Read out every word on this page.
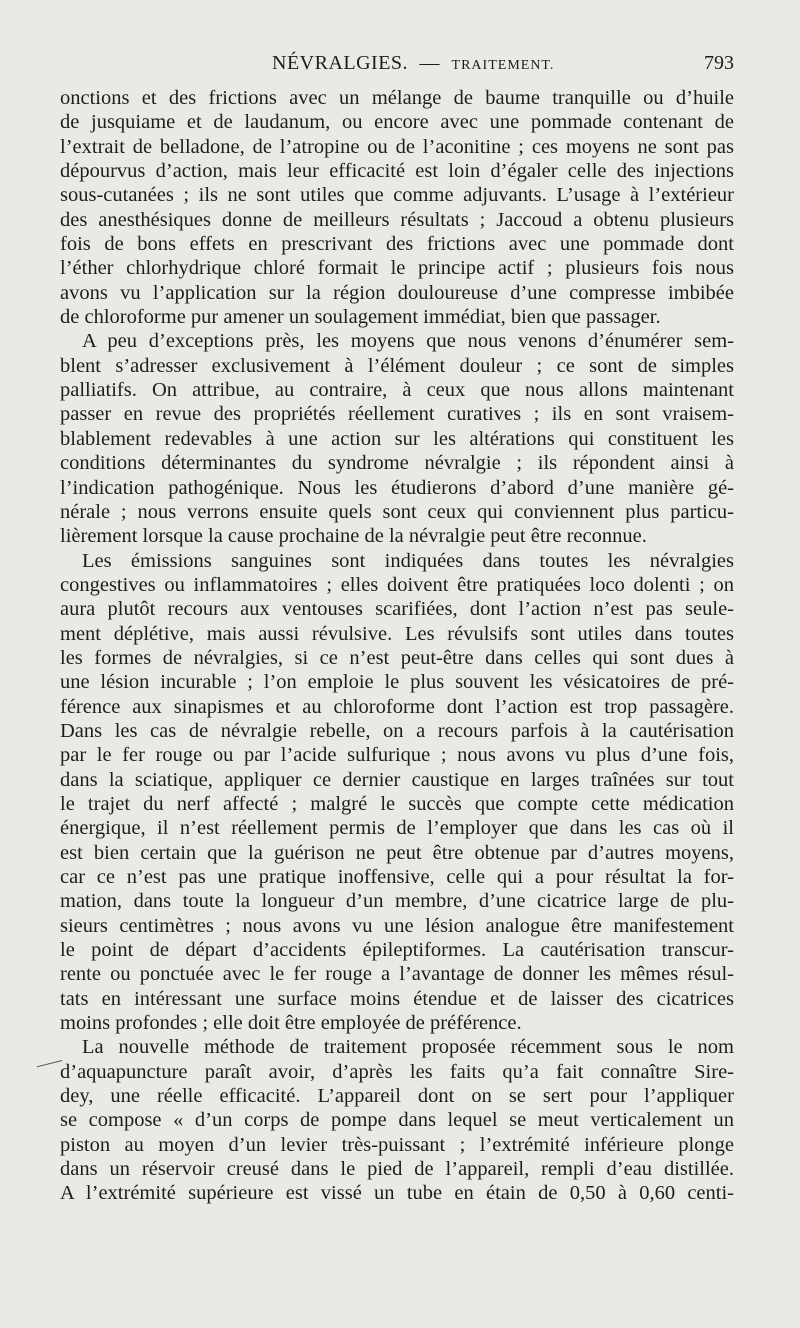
NÉVRALGIES. — TRAITEMENT.	793
onctions et des frictions avec un mélange de baume tranquille ou d’huile
de jusquiame et de laudanum, ou encore avec une pommade contenant de
l’extrait de belladone, de l’atropine ou de l’aconitine ; ces moyens ne sont pas
dépourvus d’action, mais leur efficacité est loin d’égaler celle des injections
sous-cutanées ; ils ne sont utiles que comme adjuvants. L’usage à l’extérieur
des anesthésiques donne de meilleurs résultats ; Jaccoud a obtenu plusieurs
fois de bons effets en prescrivant des frictions avec une pommade dont
l’éther chlorhydrique chloré formait le principe actif ; plusieurs fois nous
avons vu l’application sur la région douloureuse d’une compresse imbibée
de chloroforme pur amener un soulagement immédiat, bien que passager.
A peu d’exceptions près, les moyens que nous venons d’énumérer sem-
blent s’adresser exclusivement à l’élément douleur ; ce sont de simples
palliatifs. On attribue, au contraire, à ceux que nous allons maintenant
passer en revue des propriétés réellement curatives ; ils en sont vraisem-
blablement redevables à une action sur les altérations qui constituent les
conditions déterminantes du syndrome névralgie ; ils répondent ainsi à
l’indication pathogénique. Nous les étudierons d’abord d’une manière gé-
nérale ; nous verrons ensuite quels sont ceux qui conviennent plus particu-
lièrement lorsque la cause prochaine de la névralgie peut être reconnue.
Les émissions sanguines sont indiquées dans toutes les névralgies
congestives ou inflammatoires ; elles doivent être pratiquées loco dolenti ; on
aura plutôt recours aux ventouses scarifiées, dont l’action n’est pas seule-
ment déplétive, mais aussi révulsive. Les révulsifs sont utiles dans toutes
les formes de névralgies, si ce n’est peut-être dans celles qui sont dues à
une lésion incurable ; l’on emploie le plus souvent les vésicatoires de pré-
férence aux sinapismes et au chloroforme dont l’action est trop passagère.
Dans les cas de névralgie rebelle, on a recours parfois à la cautérisation
par le fer rouge ou par l’acide sulfurique ; nous avons vu plus d’une fois,
dans la sciatique, appliquer ce dernier caustique en larges traînées sur tout
le trajet du nerf affecté ; malgré le succès que compte cette médication
énergique, il n’est réellement permis de l’employer que dans les cas où il
est bien certain que la guérison ne peut être obtenue par d’autres moyens,
car ce n’est pas une pratique inoffensive, celle qui a pour résultat la for-
mation, dans toute la longueur d’un membre, d’une cicatrice large de plu-
sieurs centimètres ; nous avons vu une lésion analogue être manifestement
le point de départ d’accidents épileptiformes. La cautérisation transcur-
rente ou ponctuée avec le fer rouge a l’avantage de donner les mêmes résul-
tats en intéressant une surface moins étendue et de laisser des cicatrices
moins profondes ; elle doit être employée de préférence.
La nouvelle méthode de traitement proposée récemment sous le nom
d’aquapuncture paraît avoir, d’après les faits qu’a fait connaître Sire-
dey, une réelle efficacité. L’appareil dont on se sert pour l’appliquer
se compose « d’un corps de pompe dans lequel se meut verticalement un
piston au moyen d’un levier très-puissant ; l’extrémité inférieure plonge
dans un réservoir creusé dans le pied de l’appareil, rempli d’eau distillée.
A l’extrémité supérieure est vissé un tube en étain de 0,50 à 0,60 centi-
